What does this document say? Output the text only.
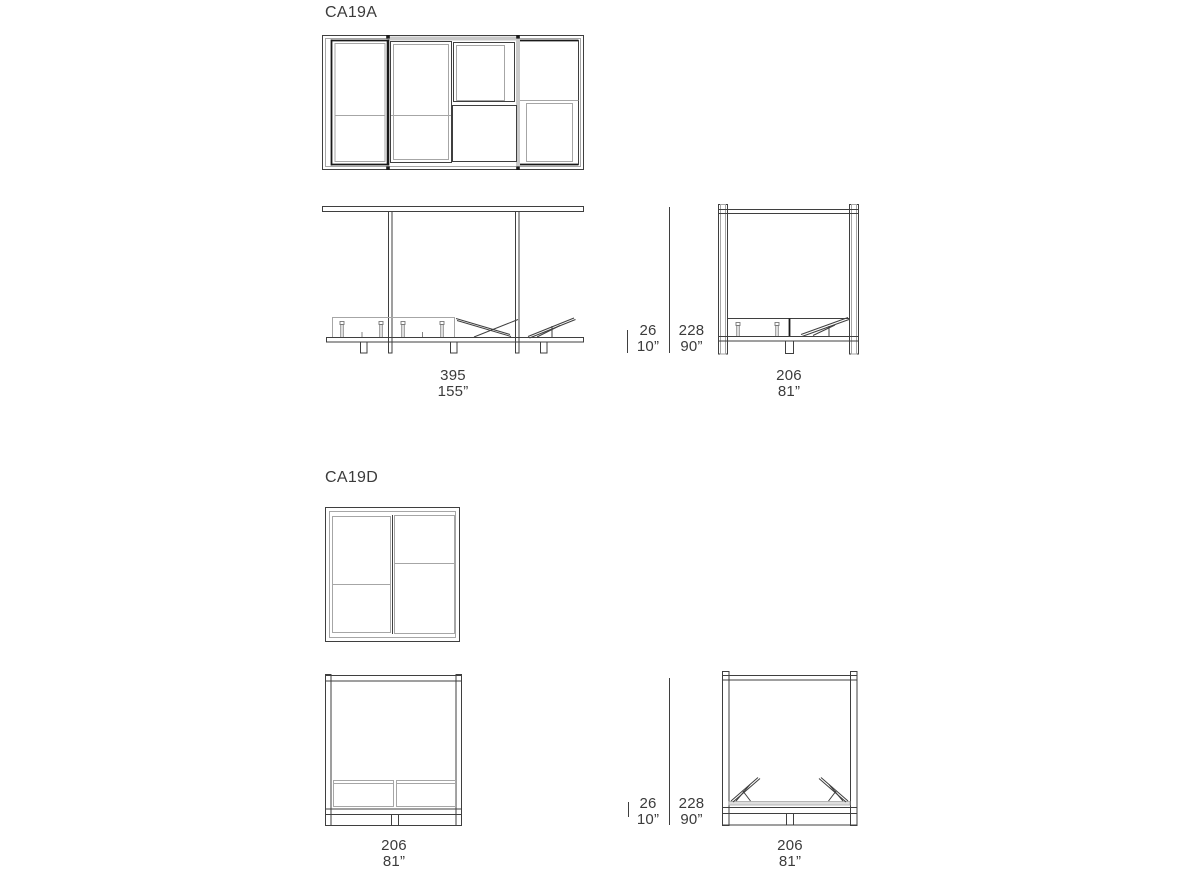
CA19A
26
10”
228
90”
395
155”
206
81”
CA19D
26
10”
228
90”
206
81”
206
81”
